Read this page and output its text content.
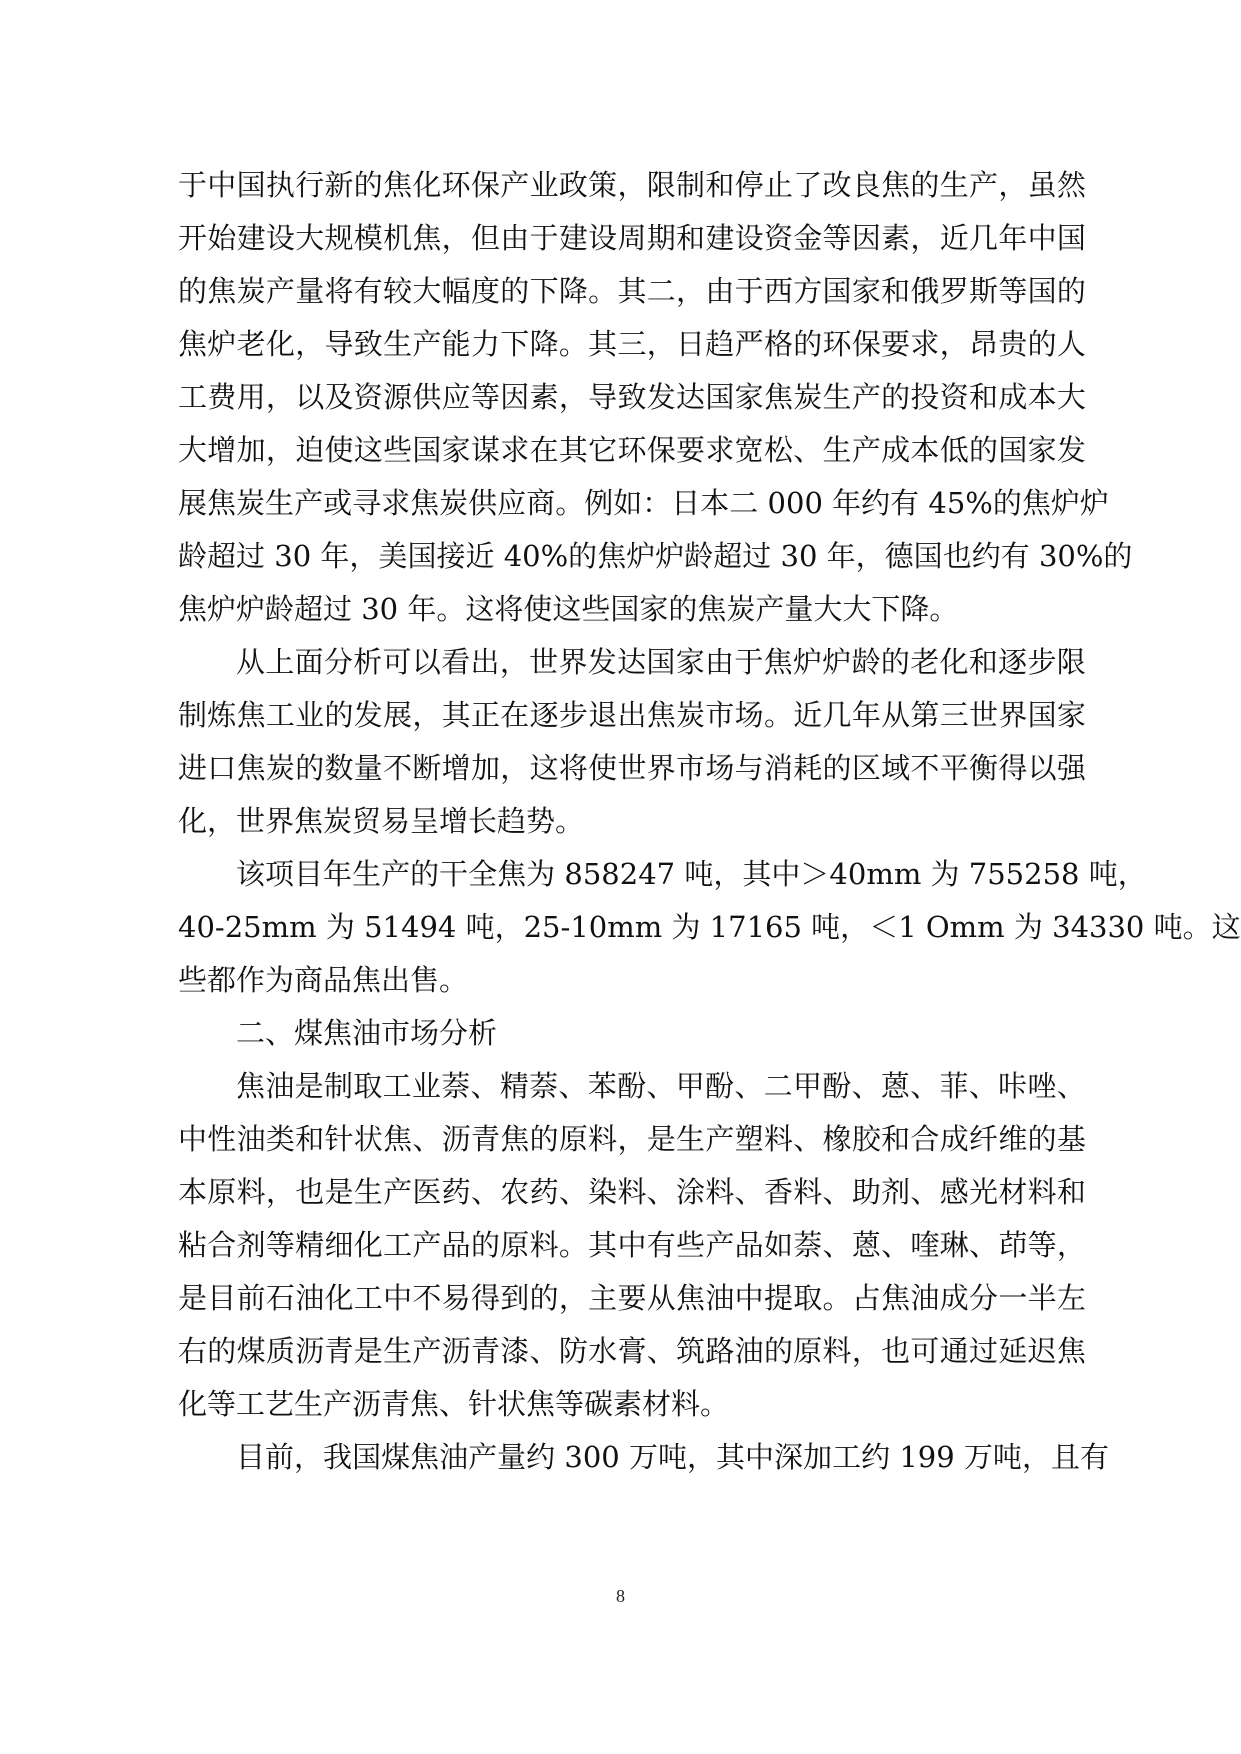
于 中 国 执 行 新 的 焦 化 环 保 产 业 政 策 ， 限 制 和 停 止 了 改 良 焦 的 生 产 ， 虽 然
开 始 建 设 大 规 模 机 焦 ， 但 由 于 建 设 周 期 和 建 设 资 金 等 因 素 ， 近 几 年 中 国
的 焦 炭 产 量 将 有 较 大 幅 度 的 下 降 。 其 二 ， 由 于 西 方 国 家 和 俄 罗 斯 等 国 的
焦 炉 老 化 ， 导 致 生 产 能 力 下 降 。 其 三 ， 日 趋 严 格 的 环 保 要 求 ， 昂 贵 的 人
工 费 用 ， 以 及 资 源 供 应 等 因 素 ， 导 致 发 达 国 家 焦 炭 生 产 的 投 资 和 成 本 大
大 增 加 ， 迫 使 这 些 国 家 谋 求 在 其 它 环 保 要 求 宽 松 、 生 产 成 本 低 的 国 家 发
展 焦 炭 生 产 或 寻 求 焦 炭 供 应 商 。 例 如 ： 日 本 二
0 0 0
年 约 有
4 5 % 的 焦 炉 炉
龄 超 过
3 0
年 ， 美 国 接 近
4 0 % 的 焦 炉 炉 龄 超 过
3 0
年 ， 德 国 也 约 有
3 0 % 的
焦炉炉龄超过 30 年。这将使这些国家的焦炭产量大大下降。
从 上 面 分 析 可 以 看 出 ， 世 界 发 达 国 家 由 于 焦 炉 炉 龄 的 老 化 和 逐 步 限
制 炼 焦 工 业 的 发 展 ， 其 正 在 逐 步 退 出 焦 炭 市 场 。 近 几 年 从 第 三 世 界 国 家
进 口 焦 炭 的 数 量 不 断 增 加 ， 这 将 使 世 界 市 场 与 消 耗 的 区 域 不 平 衡 得 以 强
化，世界焦炭贸易呈增长趋势。
该 项 目 年 生 产 的 干 全 焦 为
8 5 8 2 4 7
吨 ， 其 中 ＞ 4 0 m m
为
7 5 5 2 5 8
吨 ，
4 0 - 2 5 m m
为
5 1 4 9 4
吨 ， 2 5 - 1 0 m m
为
1 7 1 6 5
吨 ， ＜ 1
O m m
为
3 4 3 3 0
吨 。 这
些都作为商品焦出售。
二、煤焦油市场分析
焦 油 是 制 取 工 业 萘 、 精 萘 、 苯 酚 、 甲 酚 、 二 甲 酚 、 蒽 、 菲 、 咔 唑 、
中 性 油 类 和 针 状 焦 、 沥 青 焦 的 原 料 ， 是 生 产 塑 料 、 橡 胶 和 合 成 纤 维 的 基
本 原 料 ， 也 是 生 产 医 药 、 农 药 、 染 料 、 涂 料 、 香 料 、 助 剂 、 感 光 材 料 和
粘 合 剂 等 精 细 化 工 产 品 的 原 料 。 其 中 有 些 产 品 如 萘 、 蒽 、 喹 琳 、 茚 等 ，
是 目 前 石 油 化 工 中 不 易 得 到 的 ， 主 要 从 焦 油 中 提 取 。 占 焦 油 成 分 一 半 左
右 的 煤 质 沥 青 是 生 产 沥 青 漆 、 防 水 膏 、 筑 路 油 的 原 料 ， 也 可 通 过 延 迟 焦
化等工艺生产沥青焦、针状焦等碳素材料。
目 前 ， 我 国 煤 焦 油 产 量 约
3 0 0
万 吨 ， 其 中 深 加 工 约
1 9 9
万 吨 ， 且 有
8
